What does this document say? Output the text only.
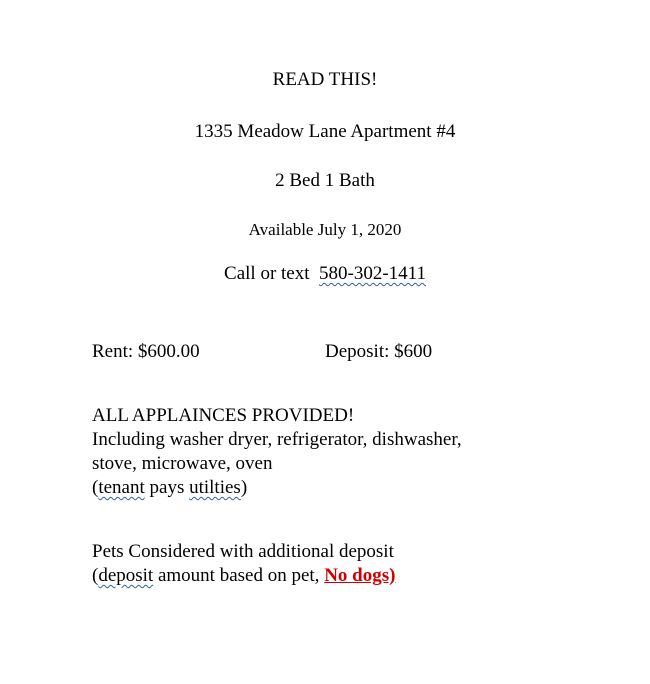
READ THIS!
1335 Meadow Lane Apartment #4
2 Bed 1 Bath
Available July 1, 2020
Call or text 580-302-1411
Rent: $600.00	Deposit: $600
ALL APPLAINCES PROVIDED!
Including washer dryer, refrigerator, dishwasher,
stove, microwave, oven
(tenant pays utilties)
Pets Considered with additional deposit
(deposit amount based on pet, No dogs)
